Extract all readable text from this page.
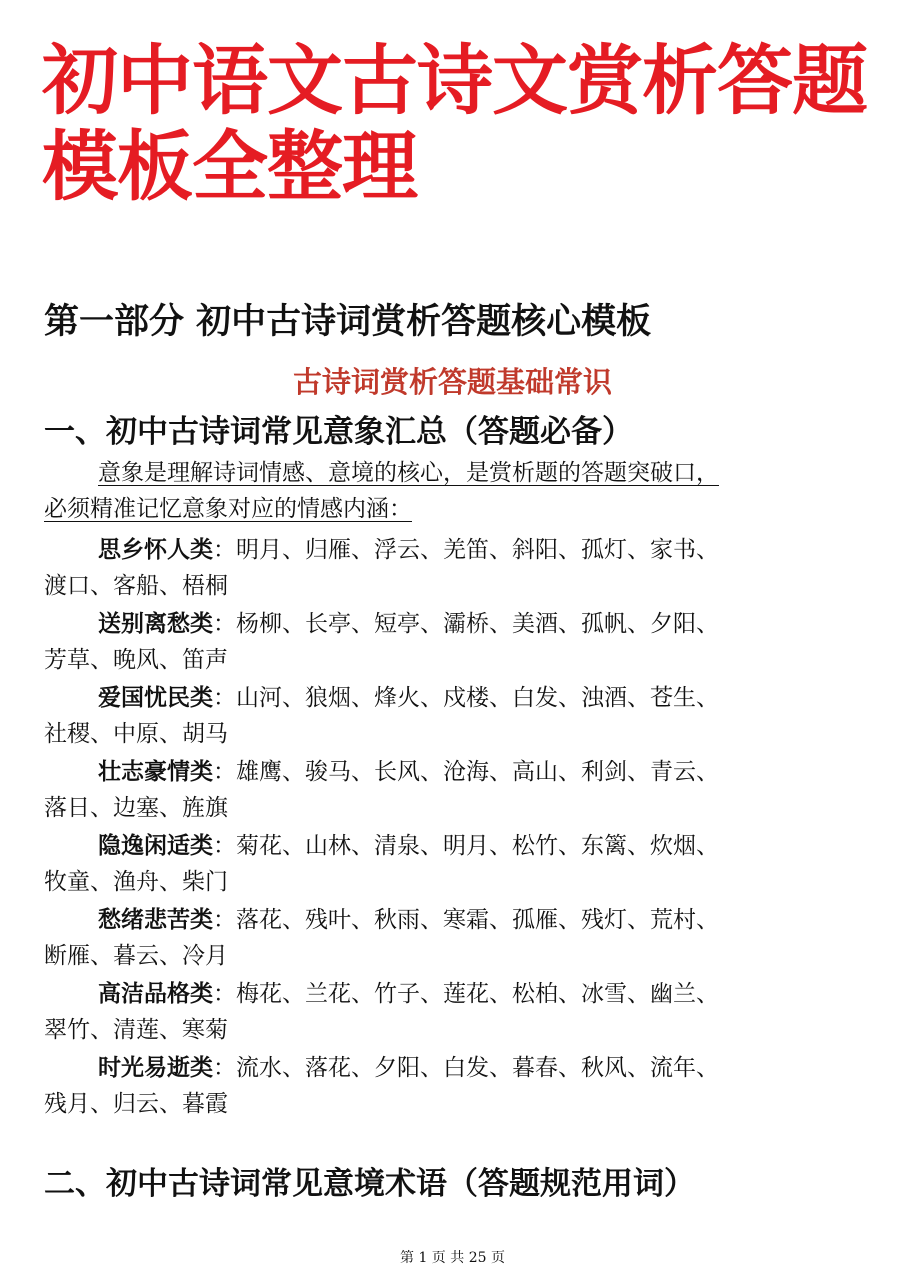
初中语文古诗文赏析答题
模板全整理
第一部分 初中古诗词赏析答题核心模板
古诗词赏析答题基础常识
一、初中古诗词常见意象汇总（答题必备）

意象是理解诗词情感、意境的核心，是赏析题的答题突破口，
必须精准记忆意象对应的情感内涵：

思乡怀人类：明月、归雁、浮云、羌笛、斜阳、孤灯、家书、
渡口、客船、梧桐
送别离愁类：杨柳、长亭、短亭、灞桥、美酒、孤帆、夕阳、
芳草、晚风、笛声
爱国忧民类：山河、狼烟、烽火、戍楼、白发、浊酒、苍生、
社稷、中原、胡马
壮志豪情类：雄鹰、骏马、长风、沧海、高山、利剑、青云、
落日、边塞、旌旗
隐逸闲适类：菊花、山林、清泉、明月、松竹、东篱、炊烟、
牧童、渔舟、柴门
愁绪悲苦类：落花、残叶、秋雨、寒霜、孤雁、残灯、荒村、
断雁、暮云、冷月
高洁品格类：梅花、兰花、竹子、莲花、松柏、冰雪、幽兰、
翠竹、清莲、寒菊
时光易逝类：流水、落花、夕阳、白发、暮春、秋风、流年、
残月、归云、暮霞
二、初中古诗词常见意境术语（答题规范用词）
第 1 页 共 25 页
